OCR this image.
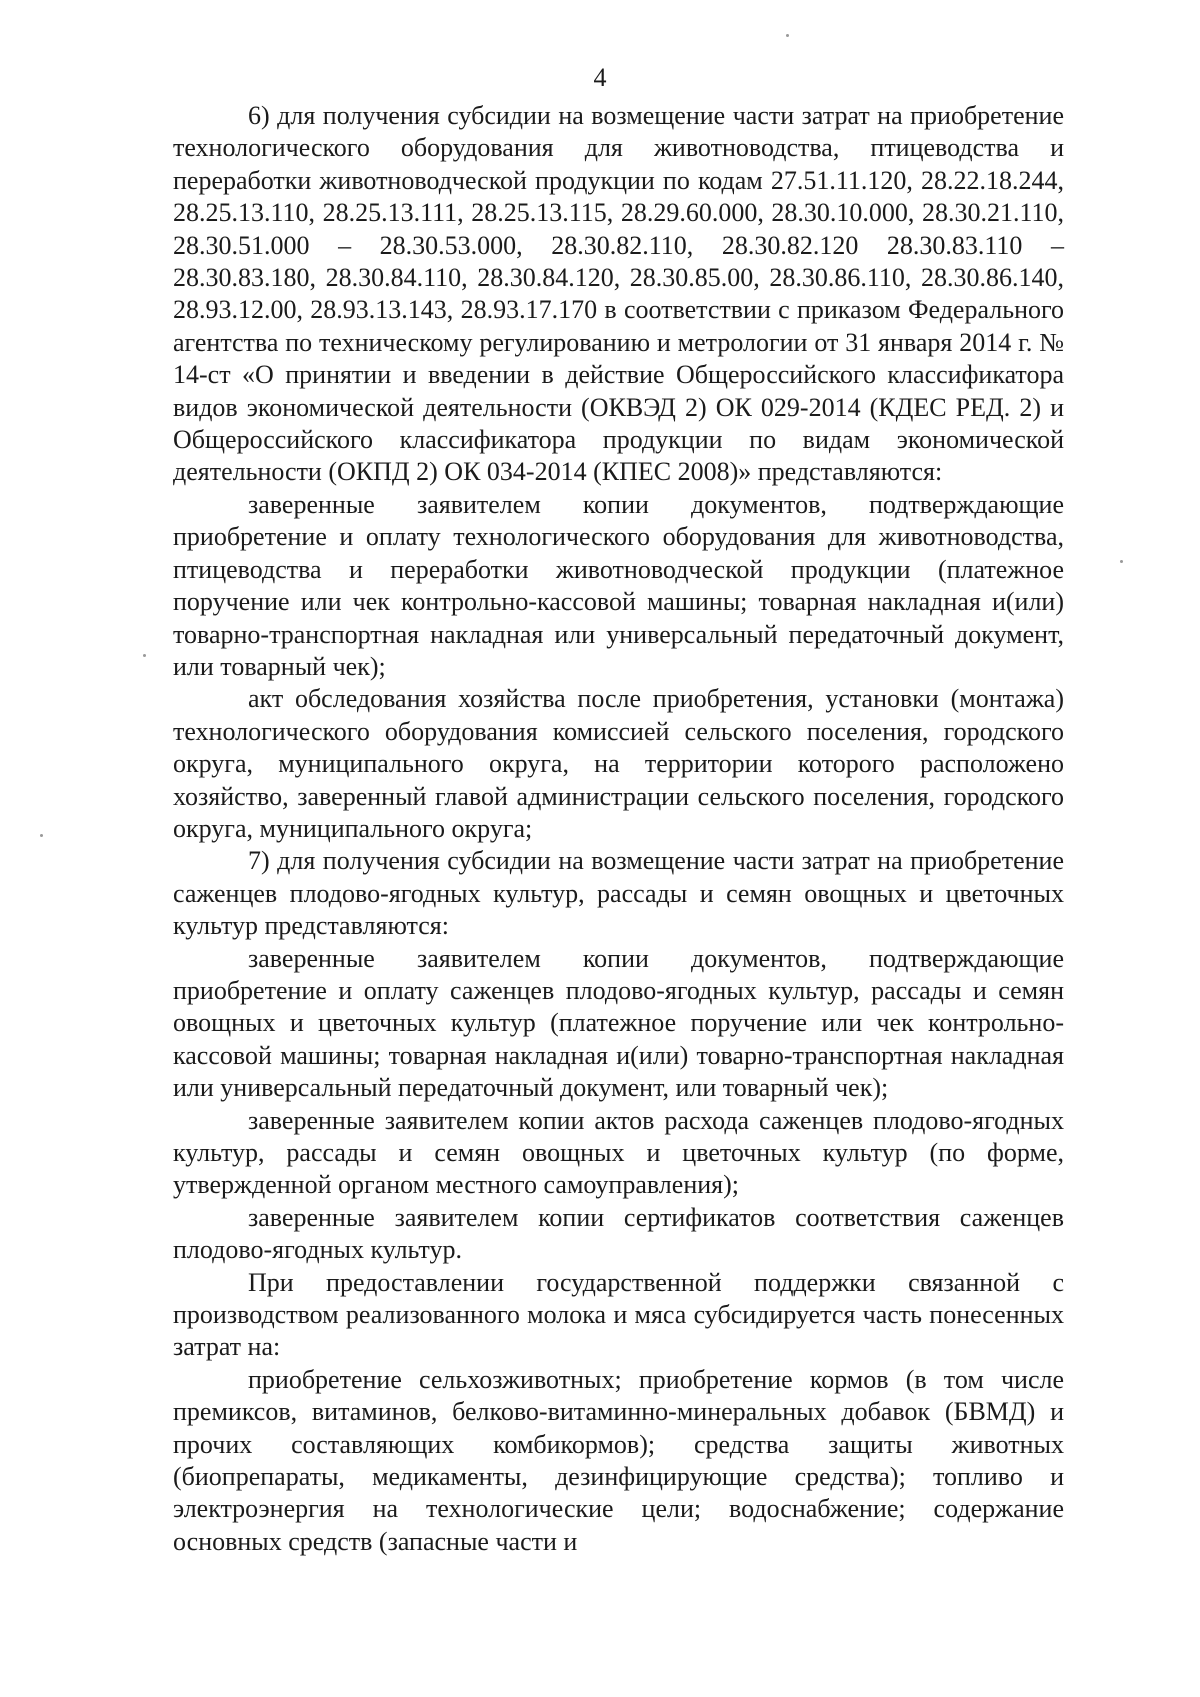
4

6) для получения субсидии на возмещение части затрат на приобретение технологического оборудования для животноводства, птицеводства и переработки животноводческой продукции по кодам 27.51.11.120, 28.22.18.244, 28.25.13.110, 28.25.13.111, 28.25.13.115, 28.29.60.000, 28.30.10.000, 28.30.21.110, 28.30.51.000 – 28.30.53.000, 28.30.82.110, 28.30.82.120 28.30.83.110 – 28.30.83.180, 28.30.84.110, 28.30.84.120, 28.30.85.00, 28.30.86.110, 28.30.86.140, 28.93.12.00, 28.93.13.143, 28.93.17.170 в соответствии с приказом Федерального агентства по техническому регулированию и метрологии от 31 января 2014 г. № 14-ст «О принятии и введении в действие Общероссийского классификатора видов экономической деятельности (ОКВЭД 2) ОК 029-2014 (КДЕС РЕД. 2) и Общероссийского классификатора продукции по видам экономической деятельности (ОКПД 2) ОК 034-2014 (КПЕС 2008)» представляются:

заверенные заявителем копии документов, подтверждающие приобретение и оплату технологического оборудования для животноводства, птицеводства и переработки животноводческой продукции (платежное поручение или чек контрольно-кассовой машины; товарная накладная и(или) товарно-транспортная накладная или универсальный передаточный документ, или товарный чек);

акт обследования хозяйства после приобретения, установки (монтажа) технологического оборудования комиссией сельского поселения, городского округа, муниципального округа, на территории которого расположено хозяйство, заверенный главой администрации сельского поселения, городского округа, муниципального округа;

7) для получения субсидии на возмещение части затрат на приобретение саженцев плодово-ягодных культур, рассады и семян овощных и цветочных культур представляются:

заверенные заявителем копии документов, подтверждающие приобретение и оплату саженцев плодово-ягодных культур, рассады и семян овощных и цветочных культур (платежное поручение или чек контрольно-кассовой машины; товарная накладная и(или) товарно-транспортная накладная или универсальный передаточный документ, или товарный чек);

заверенные заявителем копии актов расхода саженцев плодово-ягодных культур, рассады и семян овощных и цветочных культур (по форме, утвержденной органом местного самоуправления);

заверенные заявителем копии сертификатов соответствия саженцев плодово-ягодных культур.

При предоставлении государственной поддержки связанной с производством реализованного молока и мяса субсидируется часть понесенных затрат на:

приобретение сельхозживотных; приобретение кормов (в том числе премиксов, витаминов, белково-витаминно-минеральных добавок (БВМД) и прочих составляющих комбикормов); средства защиты животных (биопрепараты, медикаменты, дезинфицирующие средства); топливо и электроэнергия на технологические цели; водоснабжение; содержание основных средств (запасные части и
